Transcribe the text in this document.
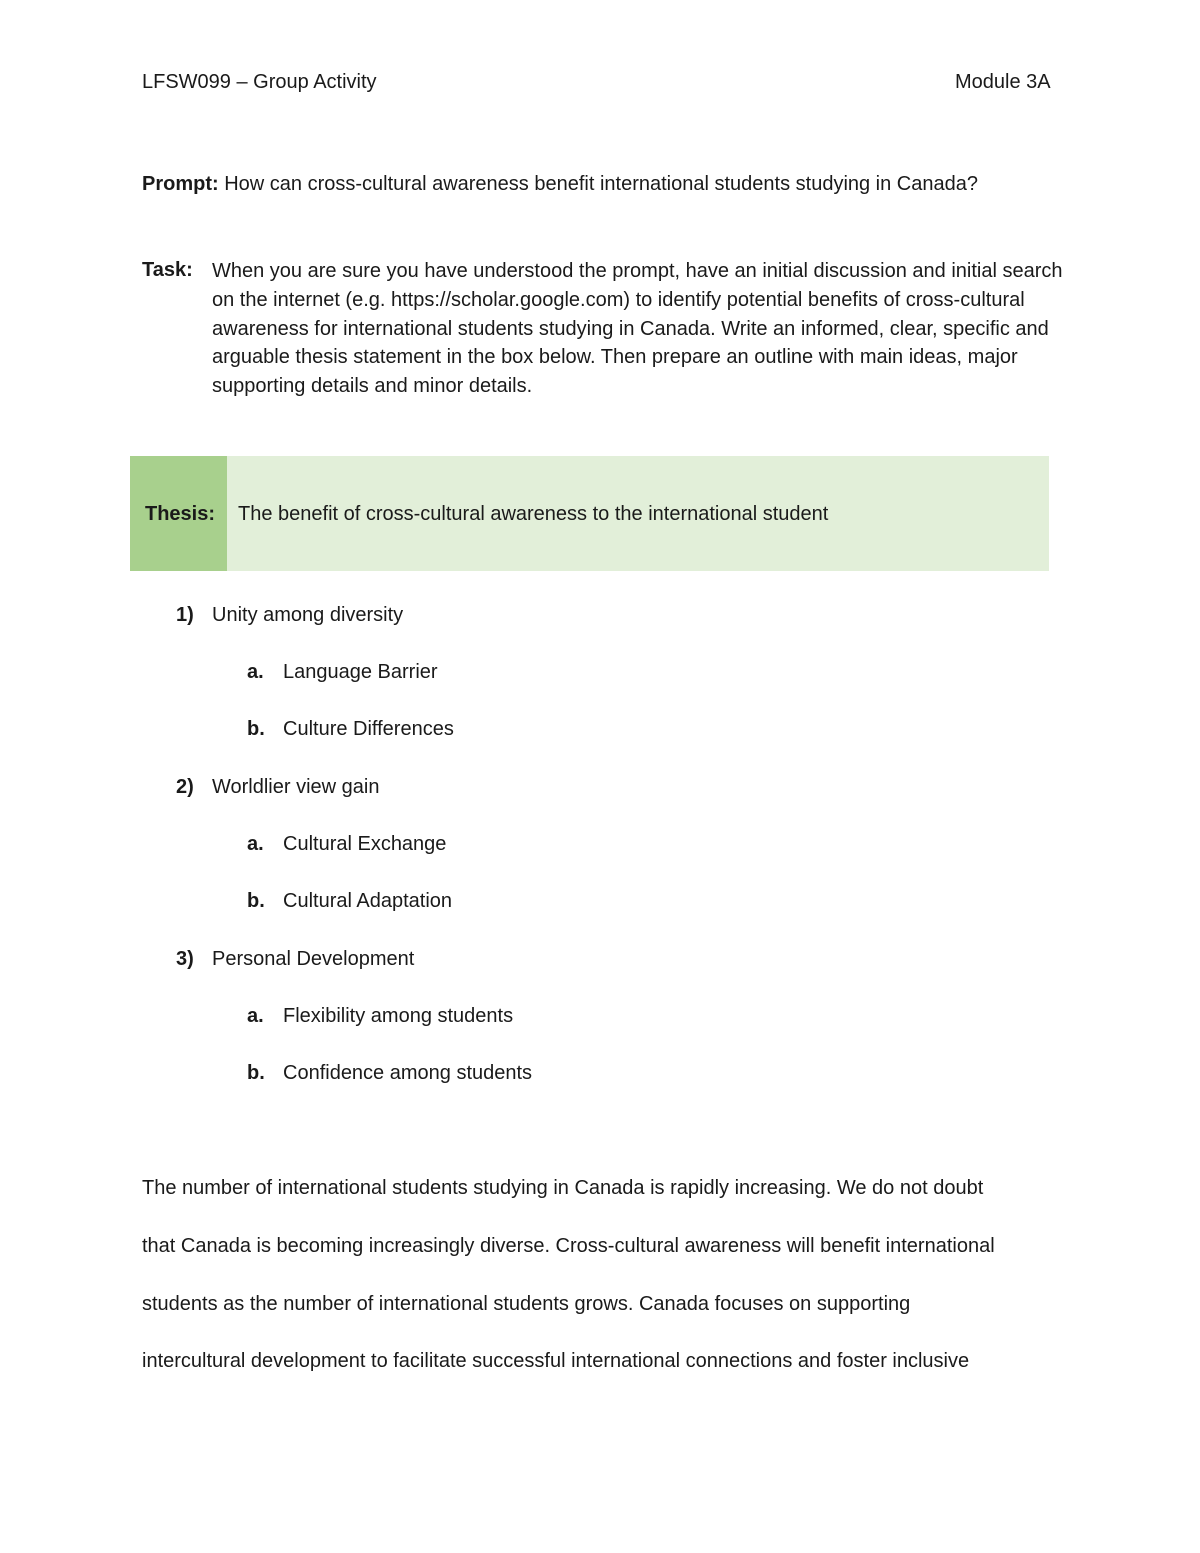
LFSW099 – Group Activity	Module 3A
Prompt: How can cross-cultural awareness benefit international students studying in Canada?
Task: When you are sure you have understood the prompt, have an initial discussion and initial search on the internet (e.g. https://scholar.google.com) to identify potential benefits of cross-cultural awareness for international students studying in Canada. Write an informed, clear, specific and arguable thesis statement in the box below. Then prepare an outline with main ideas, major supporting details and minor details.
Thesis: The benefit of cross-cultural awareness to the international student
1) Unity among diversity
a. Language Barrier
b. Culture Differences
2) Worldlier view gain
a. Cultural Exchange
b. Cultural Adaptation
3) Personal Development
a. Flexibility among students
b. Confidence among students
The number of international students studying in Canada is rapidly increasing. We do not doubt
that Canada is becoming increasingly diverse. Cross-cultural awareness will benefit international
students as the number of international students grows. Canada focuses on supporting
intercultural development to facilitate successful international connections and foster inclusive
